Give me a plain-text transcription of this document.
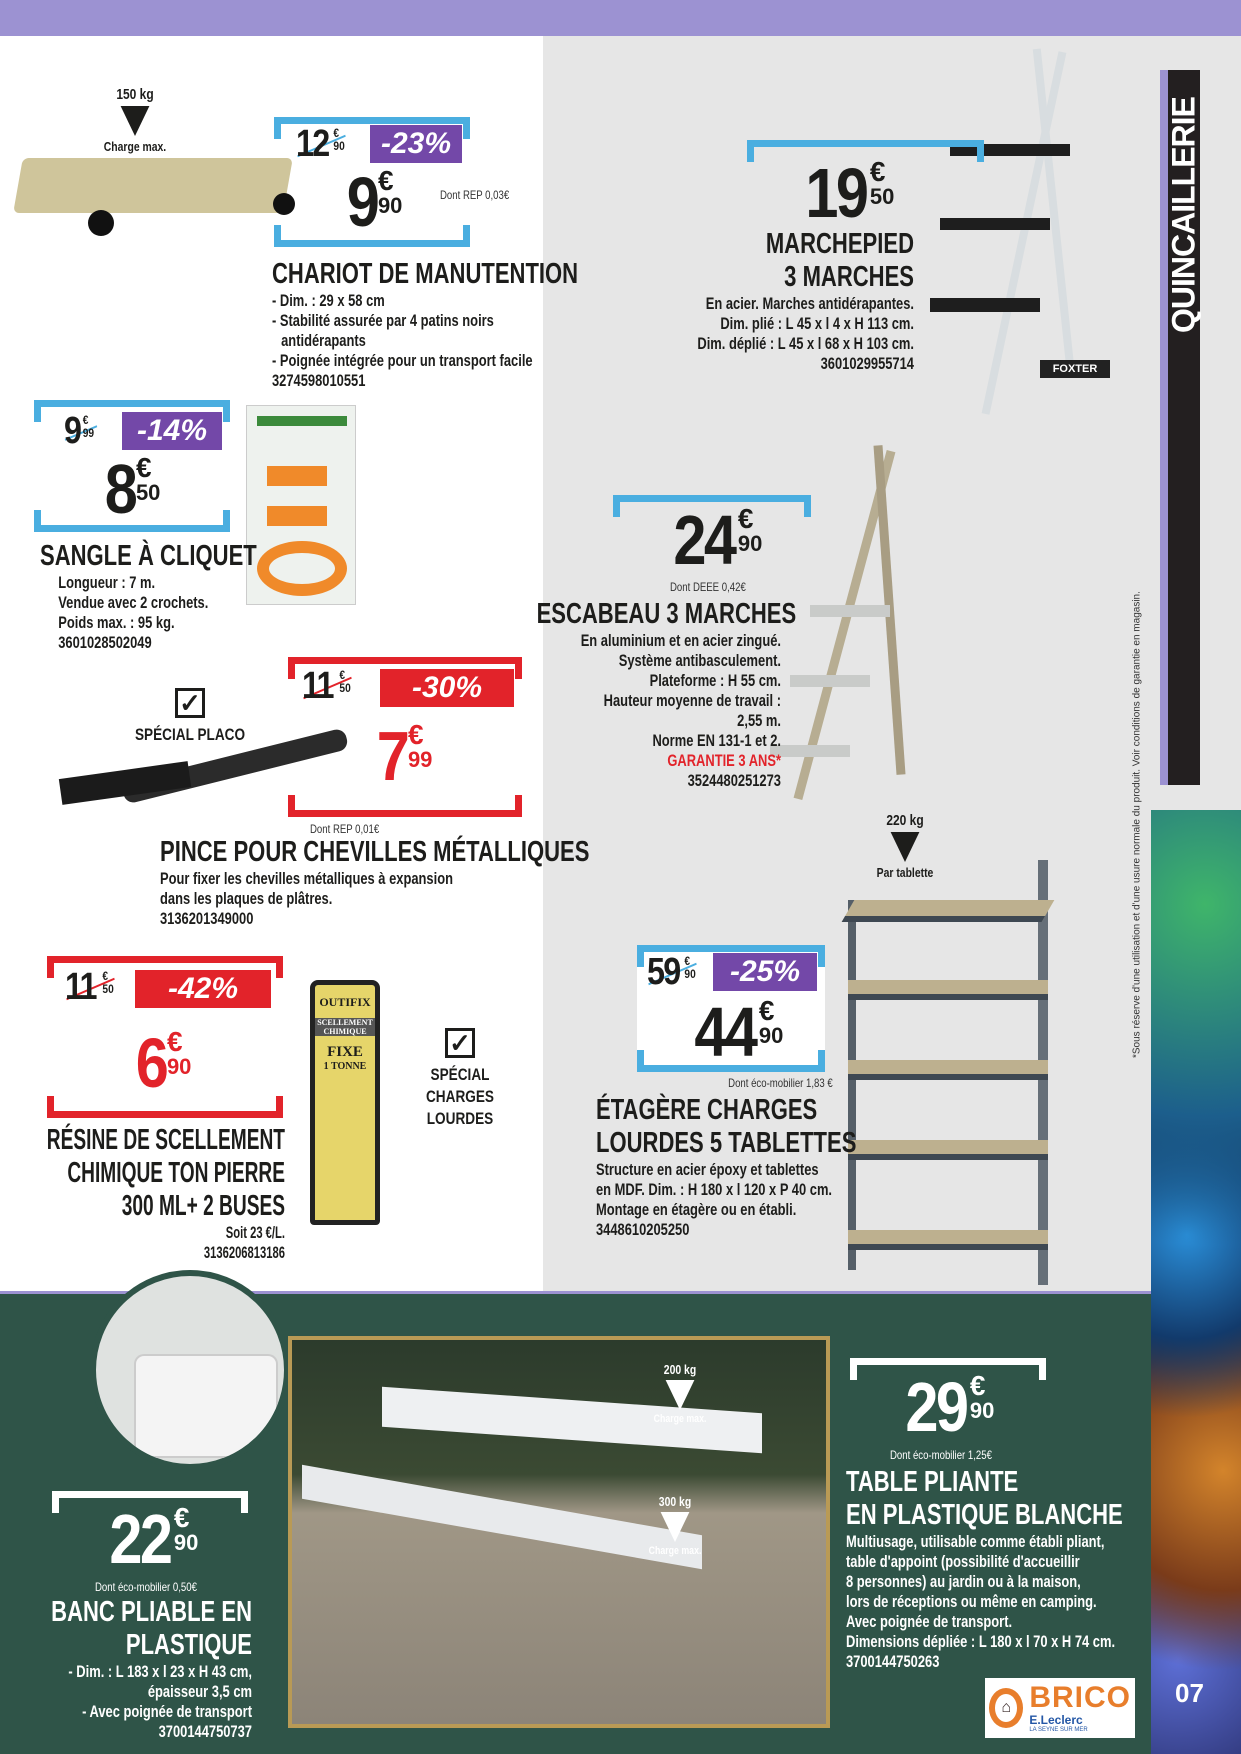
QUINCAILLERIE
*Sous réserve d'une utilisation et d'une usure normale du produit. Voir conditions de garantie en magasin.
150 kg
Charge max.	12 €
90	-23%
9 €
90	Dont REP 0,03€
CHARIOT DE MANUTENTION
- Dim. : 29 x 58 cm
- Stabilité assurée par 4 patins noirs
antidérapants
- Poignée intégrée pour un transport facile
3274598010551
FOXTER
19 €
50
MARCHEPIED
3 MARCHES
En acier. Marches antidérapantes.
Dim. plié : L 45 x l 4 x H 113 cm.
Dim. déplié : L 45 x l 68 x H 103 cm.
3601029955714
9 €
99	-14%
8 €
50
SANGLE À CLIQUET
Longueur : 7 m.
Vendue avec 2 crochets.
Poids max. : 95 kg.
3601028502049
24 €
90
Dont DEEE 0,42€
ESCABEAU 3 MARCHES
En aluminium et en acier zingué.
Système antibasculement.
Plateforme : H 55 cm.
Hauteur moyenne de travail :
2,55 m.
Norme EN 131-1 et 2.
GARANTIE 3 ANS*
3524480251273
✓
SPÉCIAL PLACO
11 €
50	-30%
7 €
99
Dont REP 0,01€
PINCE POUR CHEVILLES MÉTALLIQUES
Pour fixer les chevilles métalliques à expansion
dans les plaques de plâtres.
3136201349000
11 €
50	-42%
6 €
90
OUTIFIX
SCELLEMENT
CHIMIQUE
FIXE
1 TONNE
✓
SPÉCIAL
CHARGES LOURDES
RÉSINE DE SCELLEMENT
CHIMIQUE TON PIERRE
300 ML+ 2 BUSES
Soit 23 €/L.
3136206813186
220 kg
Par tablette
59 €
90	-25%
44 €
90
Dont éco-mobilier 1,83 €
ÉTAGÈRE CHARGES
LOURDES 5 TABLETTES
Structure en acier époxy et tablettes
en MDF. Dim. : H 180 x l 120 x P 40 cm.
Montage en étagère ou en établi.
3448610205250
200 kg
Charge max.
300 kg
Charge max.
29 €
90
Dont éco-mobilier 1,25€
TABLE PLIANTE
EN PLASTIQUE BLANCHE
Multiusage, utilisable comme établi pliant,
table d'appoint (possibilité d'accueillir
8 personnes) au jardin ou à la maison,
lors de réceptions ou même en camping.
Avec poignée de transport.
Dimensions dépliée : L 180 x l 70 x H 74 cm.
3700144750263
22 €
90
Dont éco-mobilier 0,50€
BANC PLIABLE EN
PLASTIQUE
- Dim. : L 183 x l 23 x H 43 cm,
épaisseur 3,5 cm
- Avec poignée de transport
3700144750737
⌂ BRICO
E.Leclerc
LA SEYNE SUR MER
07
